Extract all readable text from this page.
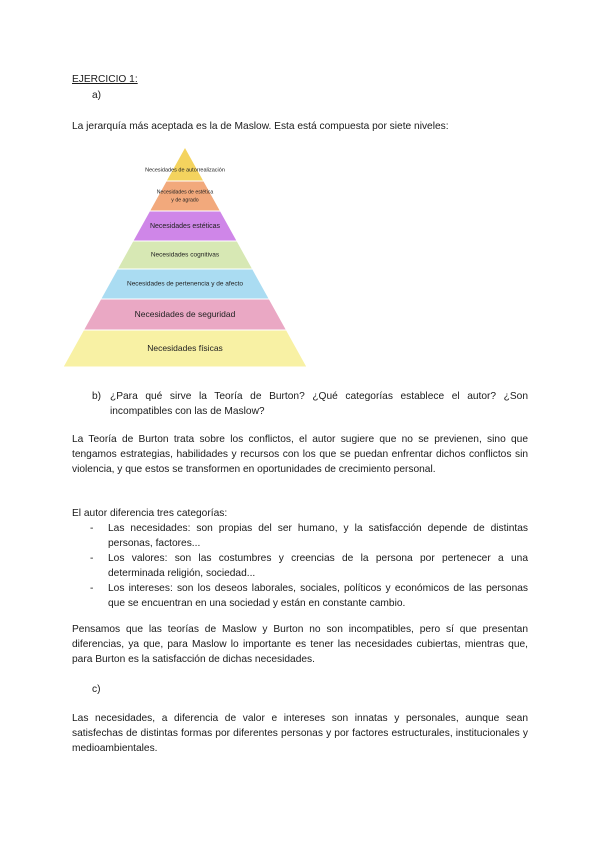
EJERCICIO 1:
a)
La jerarquía más aceptada es la de Maslow. Esta está compuesta por siete niveles:
Necesidades de autorrealización
Necesidades de estética
y de agrado
Necesidades estéticas
Necesidades cognitivas
Necesidades de pertenencia y de afecto
Necesidades de seguridad
Necesidades físicas
b) ¿Para qué sirve la Teoría de Burton? ¿Qué categorías establece el autor? ¿Son incompatibles con las de Maslow?
La Teoría de Burton trata sobre los conflictos, el autor sugiere que no se previenen, sino que tengamos estrategias, habilidades y recursos con los que se puedan enfrentar dichos conflictos sin violencia, y que estos se transformen en oportunidades de crecimiento personal.
El autor diferencia tres categorías:
- Las necesidades: son propias del ser humano, y la satisfacción depende de distintas personas, factores...
- Los valores: son las costumbres y creencias de la persona por pertenecer a una determinada religión, sociedad...
- Los intereses: son los deseos laborales, sociales, políticos y económicos de las personas que se encuentran en una sociedad y están en constante cambio.
Pensamos que las teorías de Maslow y Burton no son incompatibles, pero sí que presentan diferencias, ya que, para Maslow lo importante es tener las necesidades cubiertas, mientras que, para Burton es la satisfacción de dichas necesidades.
c)
Las necesidades, a diferencia de valor e intereses son innatas y personales, aunque sean satisfechas de distintas formas por diferentes personas y por factores estructurales, institucionales y medioambientales.
